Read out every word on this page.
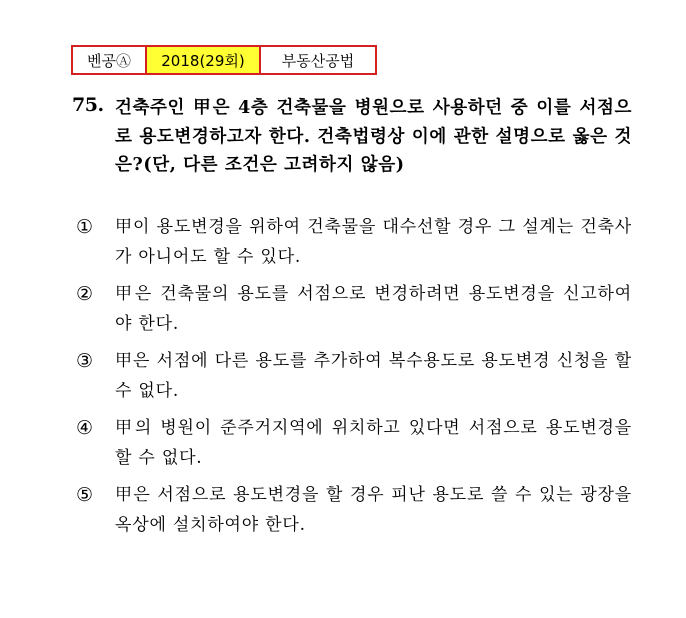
벤공Ⓐ	2018(29회)	부동산공법
75. 건축주인 甲은 4층 건축물을 병원으로 사용하던 중 이를 서점으로 용도변경하고자 한다. 건축법령상 이에 관한 설명으로 옳은 것은?(단, 다른 조건은 고려하지 않음)
① 甲이 용도변경을 위하여 건축물을 대수선할 경우 그 설계는 건축사가 아니어도 할 수 있다.
② 甲은 건축물의 용도를 서점으로 변경하려면 용도변경을 신고하여야 한다.
③ 甲은 서점에 다른 용도를 추가하여 복수용도로 용도변경 신청을 할 수 없다.
④ 甲의 병원이 준주거지역에 위치하고 있다면 서점으로 용도변경을 할 수 없다.
⑤ 甲은 서점으로 용도변경을 할 경우 피난 용도로 쓸 수 있는 광장을 옥상에 설치하여야 한다.
